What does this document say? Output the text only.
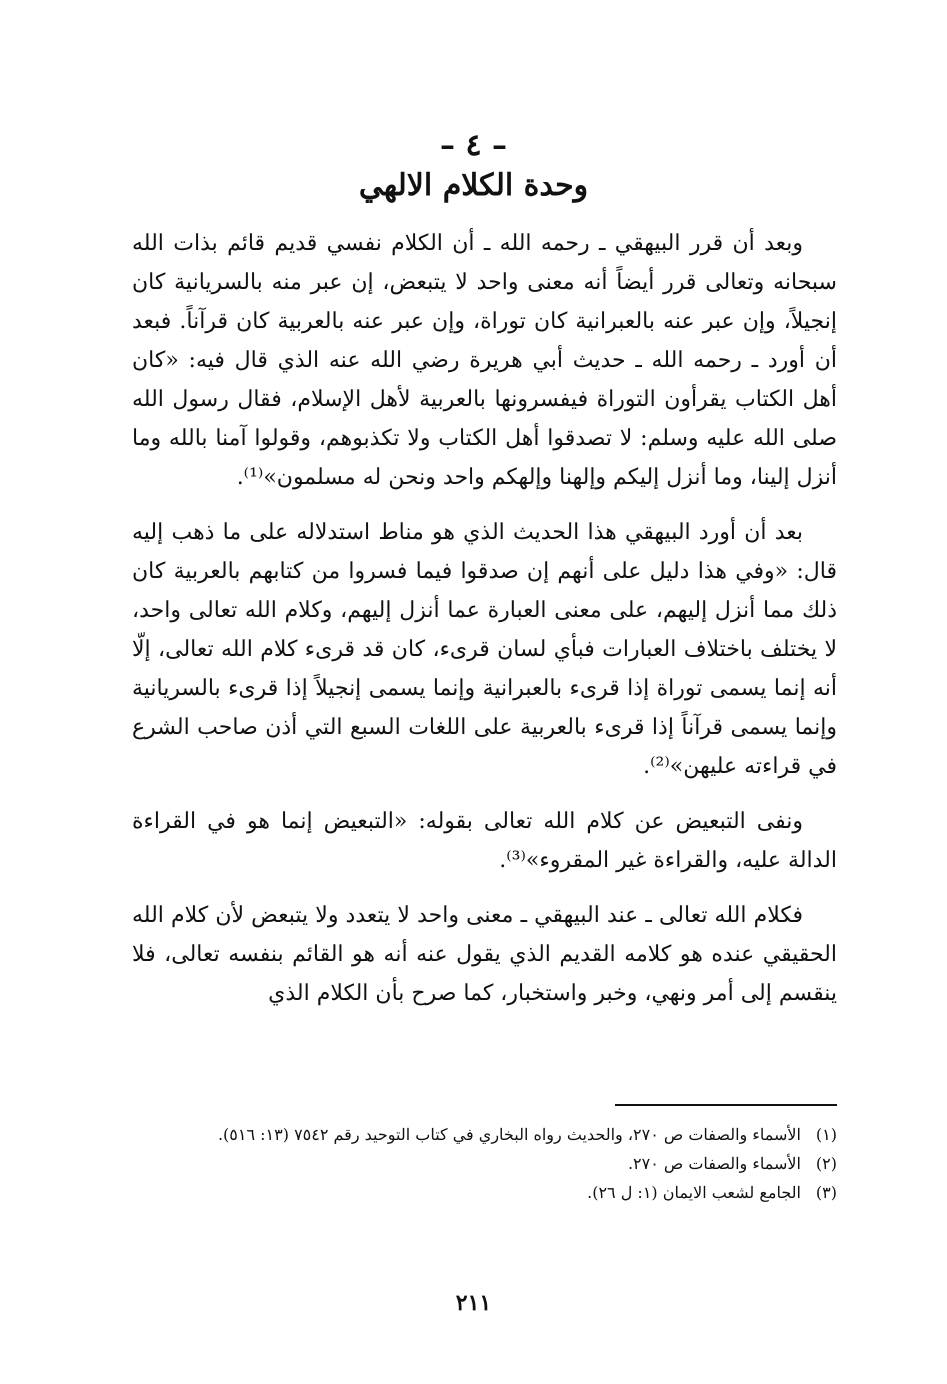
– ٤ –
وحدة الكلام الالهي

وبعد أن قرر البيهقي ـ رحمه الله ـ أن الكلام نفسي قديم قائم بذات الله سبحانه وتعالى قرر أيضاً أنه معنى واحد لا يتبعض، إن عبر منه بالسريانية كان إنجيلاً، وإن عبر عنه بالعبرانية كان توراة، وإن عبر عنه بالعربية كان قرآناً. فبعد أن أورد ـ رحمه الله ـ حديث أبي هريرة رضي الله عنه الذي قال فيه: «كان أهل الكتاب يقرأون التوراة فيفسرونها بالعربية لأهل الإسلام، فقال رسول الله صلى الله عليه وسلم: لا تصدقوا أهل الكتاب ولا تكذبوهم، وقولوا آمنا بالله وما أنزل إلينا، وما أنزل إليكم وإلهنا وإلهكم واحد ونحن له مسلمون»⁽¹⁾.

بعد أن أورد البيهقي هذا الحديث الذي هو مناط استدلاله على ما ذهب إليه قال: «وفي هذا دليل على أنهم إن صدقوا فيما فسروا من كتابهم بالعربية كان ذلك مما أنزل إليهم، على معنى العبارة عما أنزل إليهم، وكلام الله تعالى واحد، لا يختلف باختلاف العبارات فبأي لسان قرىء، كان قد قرىء كلام الله تعالى، إلّا أنه إنما يسمى توراة إذا قرىء بالعبرانية وإنما يسمى إنجيلاً إذا قرىء بالسريانية وإنما يسمى قرآناً إذا قرىء بالعربية على اللغات السبع التي أذن صاحب الشرع في قراءته عليهن»⁽²⁾.

ونفى التبعيض عن كلام الله تعالى بقوله: «التبعيض إنما هو في القراءة الدالة عليه، والقراءة غير المقروء»⁽³⁾.

فكلام الله تعالى ـ عند البيهقي ـ معنى واحد لا يتعدد ولا يتبعض لأن كلام الله الحقيقي عنده هو كلامه القديم الذي يقول عنه أنه هو القائم بنفسه تعالى، فلا ينقسم إلى أمر ونهي، وخبر واستخبار، كما صرح بأن الكلام الذي

(١)
الأسماء والصفات ص ٢٧٠، والحديث رواه البخاري في كتاب التوحيد رقم ٧٥٤٢ (١٣: ٥١٦).
(٢)
الأسماء والصفات ص ٢٧٠.
(٣)
الجامع لشعب الايمان (١: ل ٢٦).
٢١١
